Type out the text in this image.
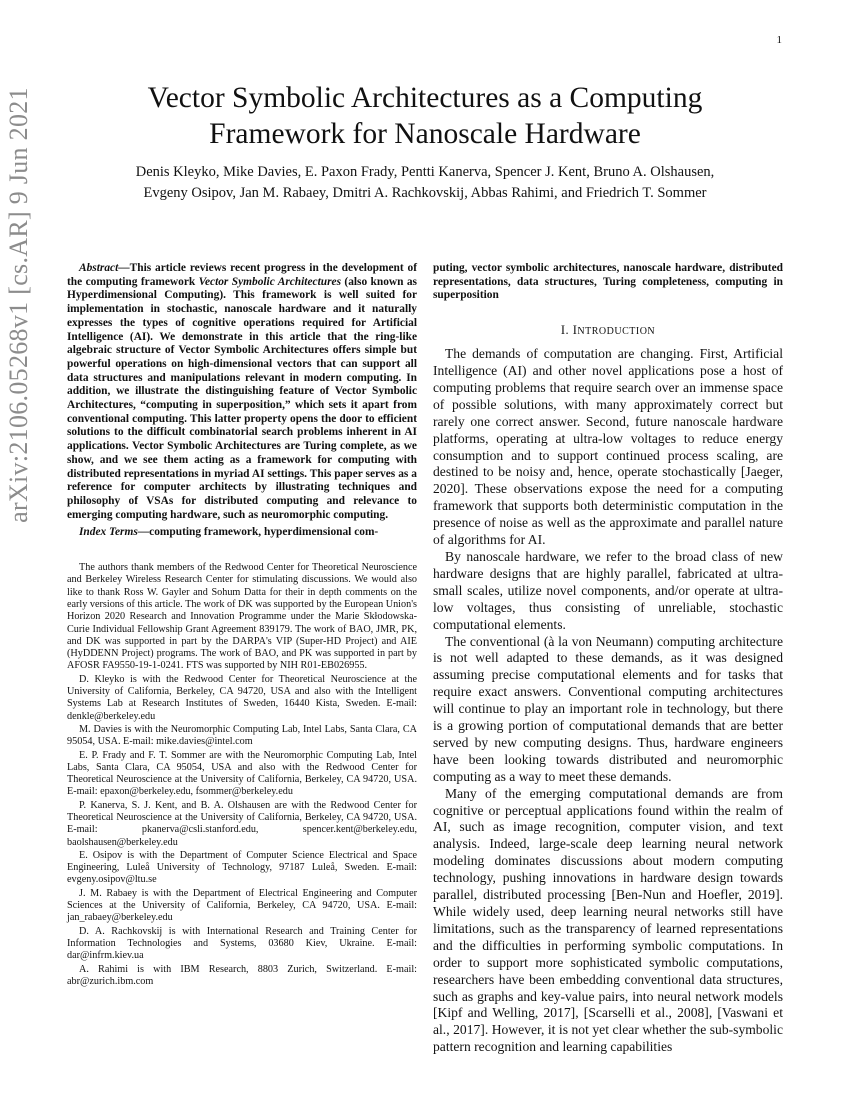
1
arXiv:2106.05268v1 [cs.AR] 9 Jun 2021	Vector Symbolic Architectures as a Computing
Framework for Nanoscale Hardware
Denis Kleyko, Mike Davies, E. Paxon Frady, Pentti Kanerva, Spencer J. Kent, Bruno A. Olshausen,
Evgeny Osipov, Jan M. Rabaey, Dmitri A. Rachkovskij, Abbas Rahimi, and Friedrich T. Sommer

Abstract—This article reviews recent progress in the development of the computing framework Vector Symbolic Architectures (also known as Hyperdimensional Computing). This framework is well suited for implementation in stochastic, nanoscale hardware and it naturally expresses the types of cognitive operations required for Artificial Intelligence (AI). We demonstrate in this article that the ring-like algebraic structure of Vector Symbolic Architectures offers simple but powerful operations on high-dimensional vectors that can support all data structures and manipulations relevant in modern computing. In addition, we illustrate the distinguishing feature of Vector Symbolic Architectures, “computing in superposition,” which sets it apart from conventional computing. This latter property opens the door to efficient solutions to the difficult combinatorial search problems inherent in AI applications. Vector Symbolic Architectures are Turing complete, as we show, and we see them acting as a framework for computing with distributed representations in myriad AI settings. This paper serves as a reference for computer architects by illustrating techniques and philosophy of VSAs for distributed computing and relevance to emerging computing hardware, such as neuromorphic computing.

Index Terms—computing framework, hyperdimensional com-

The authors thank members of the Redwood Center for Theoretical Neuroscience and Berkeley Wireless Research Center for stimulating discussions. We would also like to thank Ross W. Gayler and Sohum Datta for their in depth comments on the early versions of this article. The work of DK was supported by the European Union's Horizon 2020 Research and Innovation Programme under the Marie Skłodowska-Curie Individual Fellowship Grant Agreement 839179. The work of BAO, JMR, PK, and DK was supported in part by the DARPA's VIP (Super-HD Project) and AIE (HyDDENN Project) programs. The work of BAO, and PK was supported in part by AFOSR FA9550-19-1-0241. FTS was supported by NIH R01-EB026955.

D. Kleyko is with the Redwood Center for Theoretical Neuroscience at the University of California, Berkeley, CA 94720, USA and also with the Intelligent Systems Lab at Research Institutes of Sweden, 16440 Kista, Sweden. E-mail: denkle@berkeley.edu

M. Davies is with the Neuromorphic Computing Lab, Intel Labs, Santa Clara, CA 95054, USA. E-mail: mike.davies@intel.com

E. P. Frady and F. T. Sommer are with the Neuromorphic Computing Lab, Intel Labs, Santa Clara, CA 95054, USA and also with the Redwood Center for Theoretical Neuroscience at the University of California, Berkeley, CA 94720, USA. E-mail: epaxon@berkeley.edu, fsommer@berkeley.edu

P. Kanerva, S. J. Kent, and B. A. Olshausen are with the Redwood Center for Theoretical Neuroscience at the University of California, Berkeley, CA 94720, USA. E-mail: pkanerva@csli.stanford.edu, spencer.kent@berkeley.edu, baolshausen@berkeley.edu

E. Osipov is with the Department of Computer Science Electrical and Space Engineering, Luleå University of Technology, 97187 Luleå, Sweden. E-mail: evgeny.osipov@ltu.se

J. M. Rabaey is with the Department of Electrical Engineering and Computer Sciences at the University of California, Berkeley, CA 94720, USA. E-mail: jan_rabaey@berkeley.edu

D. A. Rachkovskij is with International Research and Training Center for Information Technologies and Systems, 03680 Kiev, Ukraine. E-mail: dar@infrm.kiev.ua

A. Rahimi is with IBM Research, 8803 Zurich, Switzerland. E-mail: abr@zurich.ibm.com

puting, vector symbolic architectures, nanoscale hardware, distributed representations, data structures, Turing completeness, computing in superposition

I. INTRODUCTION

The demands of computation are changing. First, Artificial Intelligence (AI) and other novel applications pose a host of computing problems that require search over an immense space of possible solutions, with many approximately correct but rarely one correct answer. Second, future nanoscale hardware platforms, operating at ultra-low voltages to reduce energy consumption and to support continued process scaling, are destined to be noisy and, hence, operate stochastically [Jaeger, 2020]. These observations expose the need for a computing framework that supports both deterministic computation in the presence of noise as well as the approximate and parallel nature of algorithms for AI.

By nanoscale hardware, we refer to the broad class of new hardware designs that are highly parallel, fabricated at ultra-small scales, utilize novel components, and/or operate at ultra-low voltages, thus consisting of unreliable, stochastic computational elements.

The conventional (à la von Neumann) computing architecture is not well adapted to these demands, as it was designed assuming precise computational elements and for tasks that require exact answers. Conventional computing architectures will continue to play an important role in technology, but there is a growing portion of computational demands that are better served by new computing designs. Thus, hardware engineers have been looking towards distributed and neuromorphic computing as a way to meet these demands.

Many of the emerging computational demands are from cognitive or perceptual applications found within the realm of AI, such as image recognition, computer vision, and text analysis. Indeed, large-scale deep learning neural network modeling dominates discussions about modern computing technology, pushing innovations in hardware design towards parallel, distributed processing [Ben-Nun and Hoefler, 2019]. While widely used, deep learning neural networks still have limitations, such as the transparency of learned representations and the difficulties in performing symbolic computations. In order to support more sophisticated symbolic computations, researchers have been embedding conventional data structures, such as graphs and key-value pairs, into neural network models [Kipf and Welling, 2017], [Scarselli et al., 2008], [Vaswani et al., 2017]. However, it is not yet clear whether the sub-symbolic pattern recognition and learning capabilities
